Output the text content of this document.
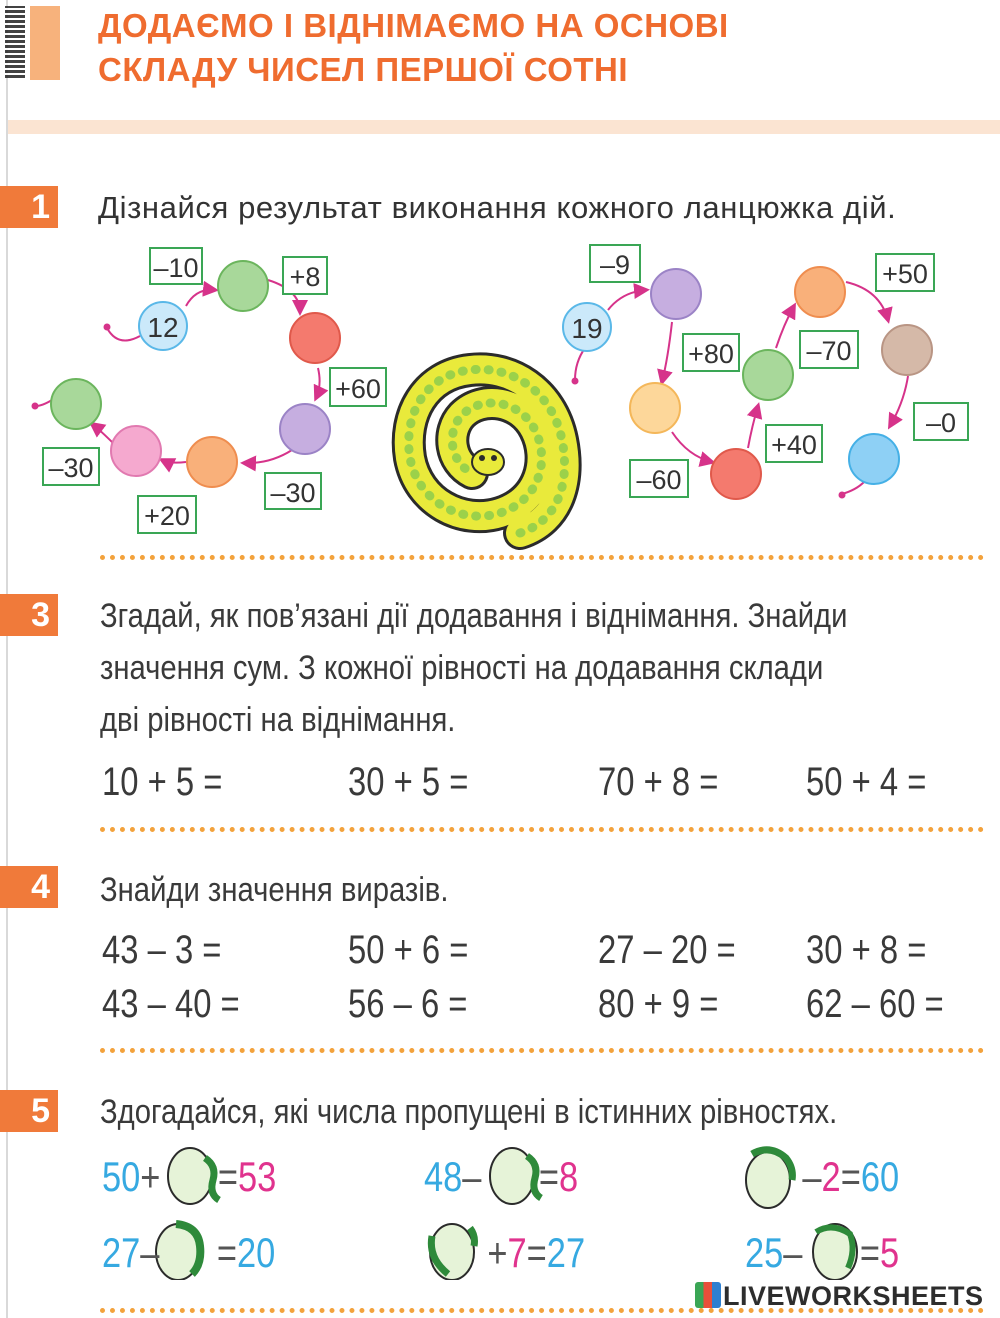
ДОДАЄМО І ВІДНІМАЄМО НА ОСНОВІ
СКЛАДУ ЧИСЕЛ ПЕРШОЇ СОТНІ
1 Дізнайся результат виконання кожного ланцюжка дій.
12
–10	+8
+60
–30
+20
–30
19
–9
+80
–60
+40
–70
+50
–0
3 Згадай, як пов’язані дії додавання і віднімання. Знайди
значення сум. З кожної рівності на додавання склади
дві рівності на віднімання.
10 + 5 =	30 + 5 =	70 + 8 = 50 + 4 =
4 Знайди значення виразів.
43 – 3 =	50 + 6 =	27 – 20 = 30 + 8 =
43 – 40 =	56 – 6 =	80 + 9 = 62 – 60 =
5 Здогадайся, які числа пропущені в істинних рівностях.
50+ =53	48– =8	–2=60
27– =20	+7=27	25– =5
LIVEWORKSHEETS
